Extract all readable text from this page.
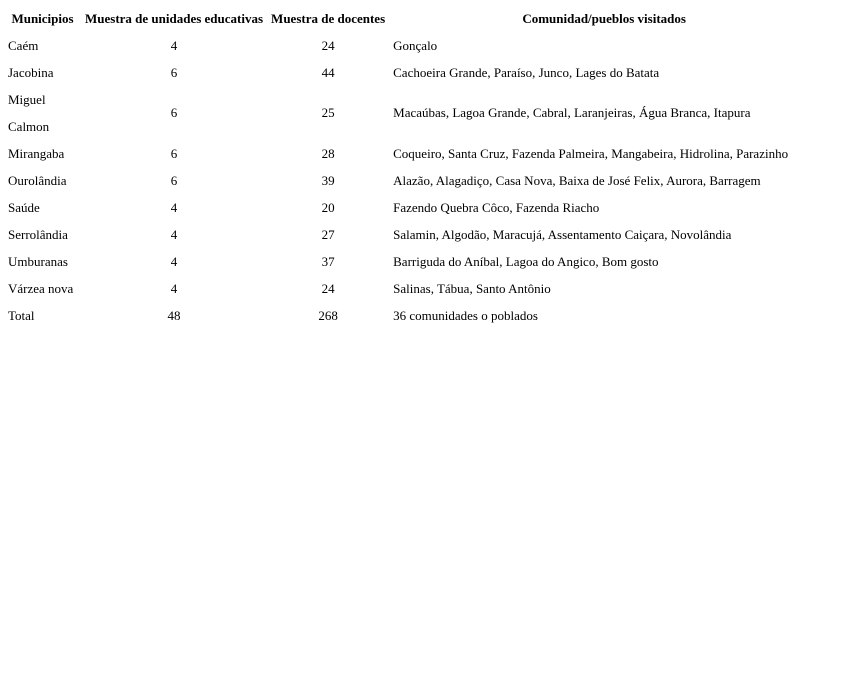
Municipios	Muestra de unidades educativas	Muestra de docentes	Comunidad/pueblos visitados
Caém	4	24	Gonçalo
Jacobina	6	44	Cachoeira Grande, Paraíso, Junco, Lages do Batata

Miguel
Calmon	6	25	Macaúbas, Lagoa Grande, Cabral, Laranjeiras, Água Branca, Itapura
Mirangaba	6	28	Coqueiro, Santa Cruz, Fazenda Palmeira, Mangabeira, Hidrolina, Parazinho
Ourolândia	6	39	Alazão, Alagadiço, Casa Nova, Baixa de José Felix, Aurora, Barragem
Saúde	4	20	Fazendo Quebra Côco, Fazenda Riacho
Serrolândia	4	27	Salamin, Algodão, Maracujá, Assentamento Caiçara, Novolândia
Umburanas	4	37	Barriguda do Aníbal, Lagoa do Angico, Bom gosto
Várzea nova	4	24	Salinas, Tábua, Santo Antônio
Total	48	268	36 comunidades o poblados
